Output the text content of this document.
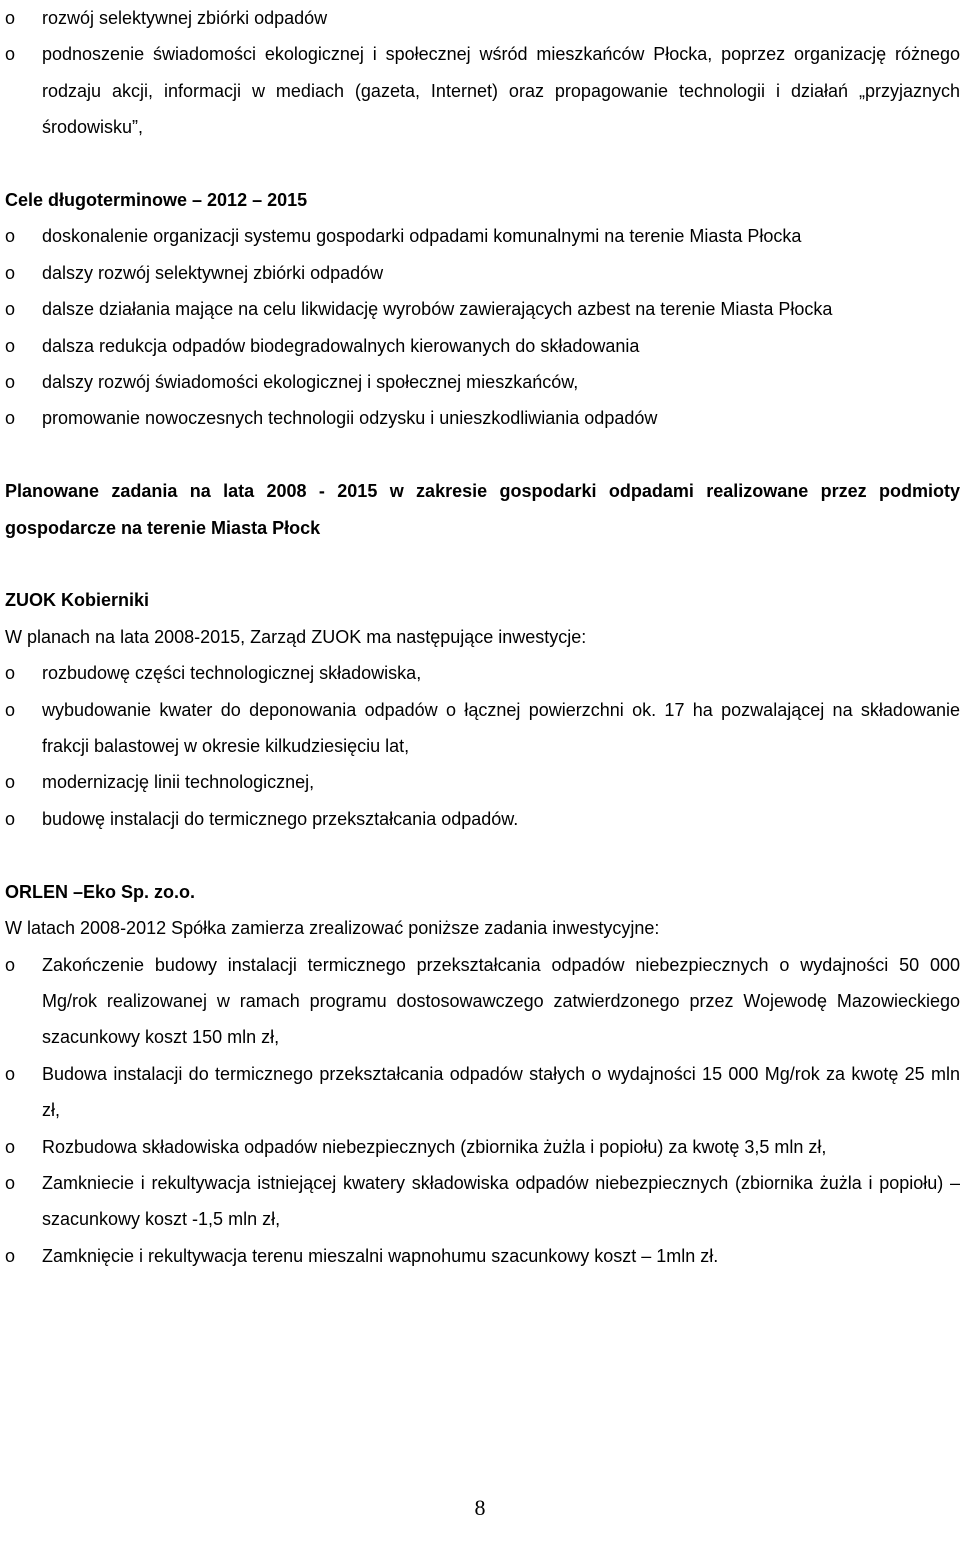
o rozwój selektywnej zbiórki odpadów
o podnoszenie świadomości ekologicznej i społecznej wśród mieszkańców Płocka, poprzez organizację różnego rodzaju akcji, informacji w mediach (gazeta, Internet) oraz propagowanie technologii i działań „przyjaznych środowisku”,

Cele długoterminowe – 2012 – 2015

o doskonalenie organizacji systemu gospodarki odpadami komunalnymi na terenie Miasta Płocka
o dalszy rozwój selektywnej zbiórki odpadów
o dalsze działania mające na celu likwidację wyrobów zawierających azbest na terenie Miasta Płocka
o dalsza redukcja odpadów biodegradowalnych kierowanych do składowania
o dalszy rozwój świadomości ekologicznej i społecznej mieszkańców,
o promowanie nowoczesnych technologii odzysku i unieszkodliwiania odpadów

Planowane zadania na lata 2008 - 2015 w zakresie gospodarki odpadami realizowane przez podmioty gospodarcze na terenie Miasta Płock

ZUOK Kobierniki

W planach na lata 2008-2015, Zarząd ZUOK ma następujące inwestycje:

o rozbudowę części technologicznej składowiska,
o wybudowanie kwater do deponowania odpadów o łącznej powierzchni ok. 17 ha pozwalającej na składowanie frakcji balastowej w okresie kilkudziesięciu lat,
o modernizację linii technologicznej,
o budowę instalacji do termicznego przekształcania odpadów.

ORLEN –Eko Sp. zo.o.

W latach 2008-2012 Spółka zamierza zrealizować poniższe zadania inwestycyjne:

o Zakończenie budowy instalacji termicznego przekształcania odpadów niebezpiecznych o wydajności 50 000 Mg/rok realizowanej w ramach programu dostosowawczego zatwierdzonego przez Wojewodę Mazowieckiego szacunkowy koszt 150 mln zł,
o Budowa instalacji do termicznego przekształcania odpadów stałych o wydajności 15 000 Mg/rok za kwotę 25 mln zł,
o Rozbudowa składowiska odpadów niebezpiecznych (zbiornika żużla i popiołu) za kwotę 3,5 mln zł,
o Zamkniecie i rekultywacja istniejącej kwatery składowiska odpadów niebezpiecznych (zbiornika żużla i popiołu) – szacunkowy koszt -1,5 mln zł,
o Zamknięcie i rekultywacja terenu mieszalni wapnohumu szacunkowy koszt – 1mln zł.
8
